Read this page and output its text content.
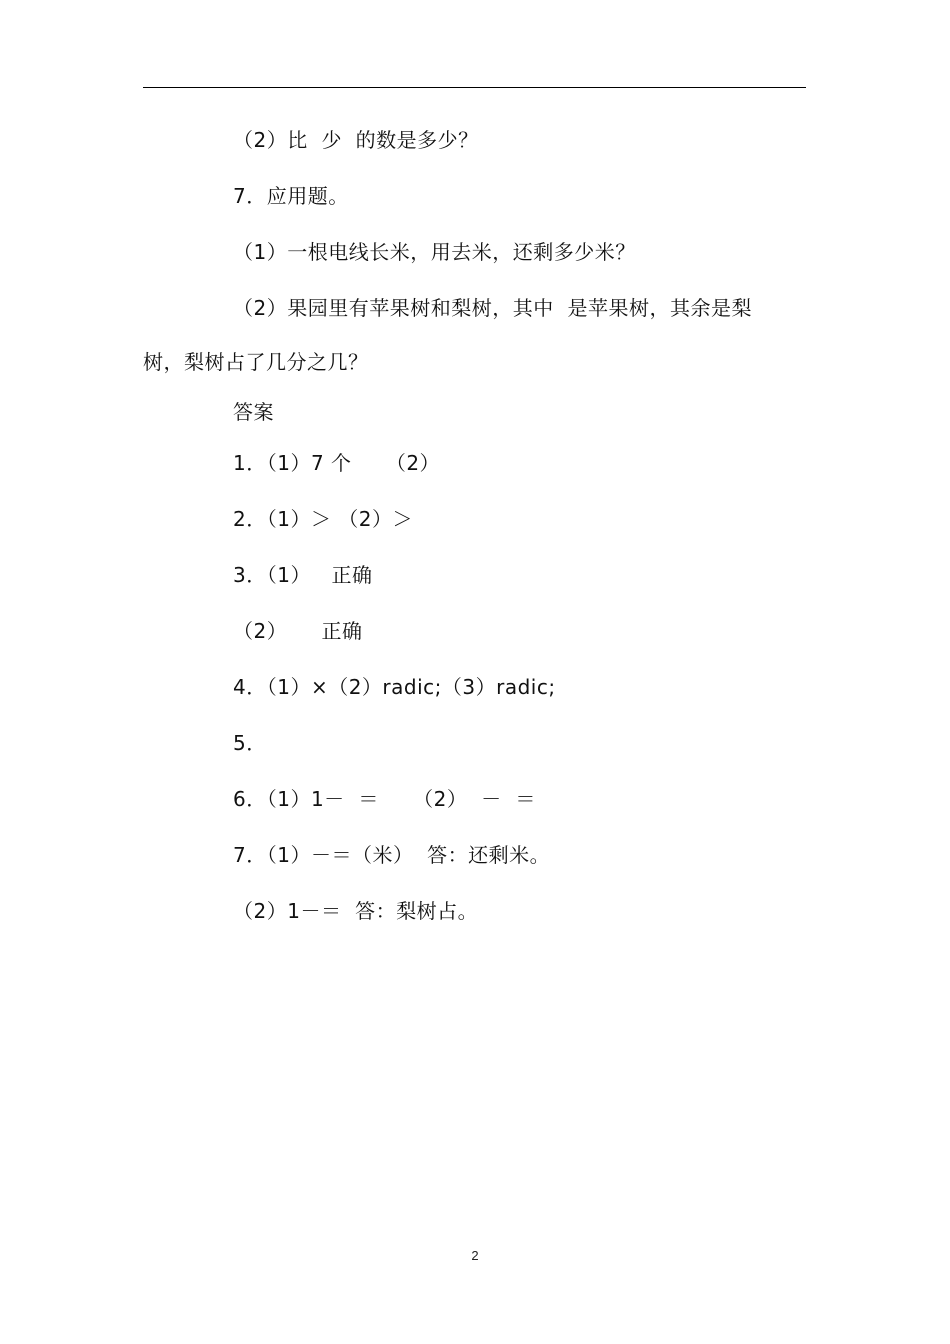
（2）比  少  的数是多少？
7．应用题。
（1）一根电线长米，用去米，还剩多少米？
（2）果园里有苹果树和梨树，其中  是苹果树，其余是梨
树，梨树占了几分之几？
答案
1．（1）7 个     （2）
2．（1）＞ （2）＞
3．（1）   正确
（2）     正确
4．（1）×（2）radic;（3）radic;
5．
6．（1）1－  ＝     （2）  －  ＝
7．（1）－＝（米）  答：还剩米。
（2）1－＝  答：梨树占。
2
